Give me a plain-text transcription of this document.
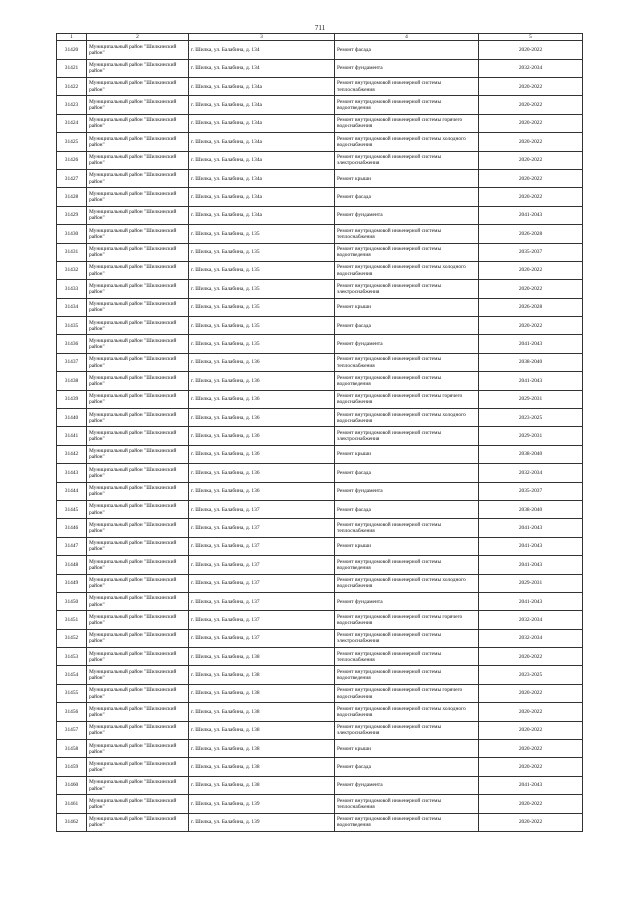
711
1	2	3	4	5
31420	Муниципальный район "Шилкинский район"	г. Шилка, ул. Балабина, д. 134	Ремонт фасада	2020-2022
31421	Муниципальный район "Шилкинский район"	г. Шилка, ул. Балабина, д. 134	Ремонт фундамента	2032-2034
31422	Муниципальный район "Шилкинский район"	г. Шилка, ул. Балабина, д. 134а	Ремонт внутридомовой инженерной системы теплоснабжения	2020-2022
31423	Муниципальный район "Шилкинский район"	г. Шилка, ул. Балабина, д. 134а	Ремонт внутридомовой инженерной системы водоотведения	2020-2022
31424	Муниципальный район "Шилкинский район"	г. Шилка, ул. Балабина, д. 134а	Ремонт внутридомовой инженерной системы горячего водоснабжения	2020-2022
31425	Муниципальный район "Шилкинский район"	г. Шилка, ул. Балабина, д. 134а	Ремонт внутридомовой инженерной системы холодного водоснабжения	2020-2022
31426	Муниципальный район "Шилкинский район"	г. Шилка, ул. Балабина, д. 134а	Ремонт внутридомовой инженерной системы электроснабжения	2020-2022
31427	Муниципальный район "Шилкинский район"	г. Шилка, ул. Балабина, д. 134а	Ремонт крыши	2020-2022
31428	Муниципальный район "Шилкинский район"	г. Шилка, ул. Балабина, д. 134а	Ремонт фасада	2020-2022
31429	Муниципальный район "Шилкинский район"	г. Шилка, ул. Балабина, д. 134а	Ремонт фундамента	2041-2043
31430	Муниципальный район "Шилкинский район"	г. Шилка, ул. Балабина, д. 135	Ремонт внутридомовой инженерной системы теплоснабжения	2026-2028
31431	Муниципальный район "Шилкинский район"	г. Шилка, ул. Балабина, д. 135	Ремонт внутридомовой инженерной системы водоотведения	2035-2037
31432	Муниципальный район "Шилкинский район"	г. Шилка, ул. Балабина, д. 135	Ремонт внутридомовой инженерной системы холодного водоснабжения	2020-2022
31433	Муниципальный район "Шилкинский район"	г. Шилка, ул. Балабина, д. 135	Ремонт внутридомовой инженерной системы электроснабжения	2020-2022
31434	Муниципальный район "Шилкинский район"	г. Шилка, ул. Балабина, д. 135	Ремонт крыши	2026-2028
31435	Муниципальный район "Шилкинский район"	г. Шилка, ул. Балабина, д. 135	Ремонт фасада	2020-2022
31436	Муниципальный район "Шилкинский район"	г. Шилка, ул. Балабина, д. 135	Ремонт фундамента	2041-2043
31437	Муниципальный район "Шилкинский район"	г. Шилка, ул. Балабина, д. 136	Ремонт внутридомовой инженерной системы теплоснабжения	2038-2040
31438	Муниципальный район "Шилкинский район"	г. Шилка, ул. Балабина, д. 136	Ремонт внутридомовой инженерной системы водоотведения	2041-2043
31439	Муниципальный район "Шилкинский район"	г. Шилка, ул. Балабина, д. 136	Ремонт внутридомовой инженерной системы горячего водоснабжения	2029-2031
31440	Муниципальный район "Шилкинский район"	г. Шилка, ул. Балабина, д. 136	Ремонт внутридомовой инженерной системы холодного водоснабжения	2023-2025
31441	Муниципальный район "Шилкинский район"	г. Шилка, ул. Балабина, д. 136	Ремонт внутридомовой инженерной системы электроснабжения	2029-2031
31442	Муниципальный район "Шилкинский район"	г. Шилка, ул. Балабина, д. 136	Ремонт крыши	2038-2040
31443	Муниципальный район "Шилкинский район"	г. Шилка, ул. Балабина, д. 136	Ремонт фасада	2032-2034
31444	Муниципальный район "Шилкинский район"	г. Шилка, ул. Балабина, д. 136	Ремонт фундамента	2035-2037
31445	Муниципальный район "Шилкинский район"	г. Шилка, ул. Балабина, д. 137	Ремонт фасада	2038-2040
31446	Муниципальный район "Шилкинский район"	г. Шилка, ул. Балабина, д. 137	Ремонт внутридомовой инженерной системы теплоснабжения	2041-2043
31447	Муниципальный район "Шилкинский район"	г. Шилка, ул. Балабина, д. 137	Ремонт крыши	2041-2043
31448	Муниципальный район "Шилкинский район"	г. Шилка, ул. Балабина, д. 137	Ремонт внутридомовой инженерной системы водоотведения	2041-2043
31449	Муниципальный район "Шилкинский район"	г. Шилка, ул. Балабина, д. 137	Ремонт внутридомовой инженерной системы холодного водоснабжения	2029-2031
31450	Муниципальный район "Шилкинский район"	г. Шилка, ул. Балабина, д. 137	Ремонт фундамента	2041-2043
31451	Муниципальный район "Шилкинский район"	г. Шилка, ул. Балабина, д. 137	Ремонт внутридомовой инженерной системы горячего водоснабжения	2032-2034
31452	Муниципальный район "Шилкинский район"	г. Шилка, ул. Балабина, д. 137	Ремонт внутридомовой инженерной системы электроснабжения	2032-2034
31453	Муниципальный район "Шилкинский район"	г. Шилка, ул. Балабина, д. 138	Ремонт внутридомовой инженерной системы теплоснабжения	2020-2022
31454	Муниципальный район "Шилкинский район"	г. Шилка, ул. Балабина, д. 138	Ремонт внутридомовой инженерной системы водоотведения	2023-2025
31455	Муниципальный район "Шилкинский район"	г. Шилка, ул. Балабина, д. 138	Ремонт внутридомовой инженерной системы горячего водоснабжения	2020-2022
31456	Муниципальный район "Шилкинский район"	г. Шилка, ул. Балабина, д. 138	Ремонт внутридомовой инженерной системы холодного водоснабжения	2020-2022
31457	Муниципальный район "Шилкинский район"	г. Шилка, ул. Балабина, д. 138	Ремонт внутридомовой инженерной системы электроснабжения	2020-2022
31458	Муниципальный район "Шилкинский район"	г. Шилка, ул. Балабина, д. 138	Ремонт крыши	2020-2022
31459	Муниципальный район "Шилкинский район"	г. Шилка, ул. Балабина, д. 138	Ремонт фасада	2020-2022
31460	Муниципальный район "Шилкинский район"	г. Шилка, ул. Балабина, д. 138	Ремонт фундамента	2041-2043
31461	Муниципальный район "Шилкинский район"	г. Шилка, ул. Балабина, д. 139	Ремонт внутридомовой инженерной системы теплоснабжения	2020-2022
31462	Муниципальный район "Шилкинский район"	г. Шилка, ул. Балабина, д. 139	Ремонт внутридомовой инженерной системы водоотведения	2020-2022
